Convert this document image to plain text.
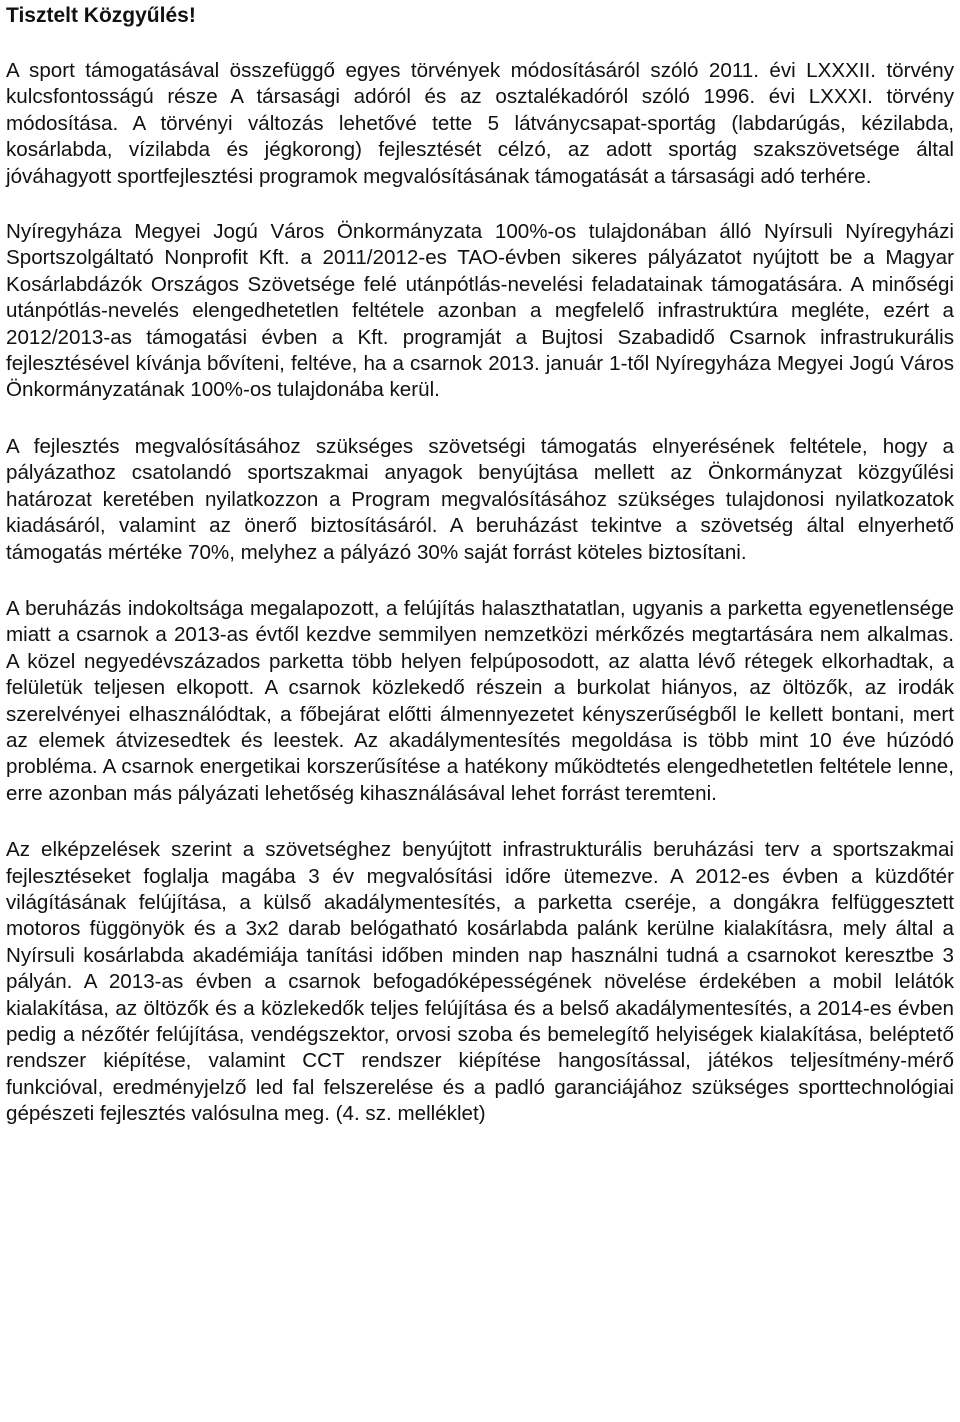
Tisztelt Közgyűlés!

A sport támogatásával összefüggő egyes törvények módosításáról szóló 2011. évi LXXXII. törvény kulcsfontosságú része A társasági adóról és az osztalékadóról szóló 1996. évi LXXXI. törvény módosítása. A törvényi változás lehetővé tette 5 látványcsapat-sportág (labdarúgás, kézilabda, kosárlabda, vízilabda és jégkorong) fejlesztését célzó, az adott sportág szakszövetsége által jóváhagyott sportfejlesztési programok megvalósításának támogatását a társasági adó terhére.

Nyíregyháza Megyei Jogú Város Önkormányzata 100%-os tulajdonában álló Nyírsuli Nyíregyházi Sportszolgáltató Nonprofit Kft. a 2011/2012-es TAO-évben sikeres pályázatot nyújtott be a Magyar Kosárlabdázók Országos Szövetsége felé utánpótlás-nevelési feladatainak támogatására. A minőségi utánpótlás-nevelés elengedhetetlen feltétele azonban a megfelelő infrastruktúra megléte, ezért a 2012/2013-as támogatási évben a Kft. programját a Bujtosi Szabadidő Csarnok infrastrukurális fejlesztésével kívánja bővíteni, feltéve, ha a csarnok 2013. január 1-től Nyíregyháza Megyei Jogú Város Önkormányzatának 100%-os tulajdonába kerül.

A fejlesztés megvalósításához szükséges szövetségi támogatás elnyerésének feltétele, hogy a pályázathoz csatolandó sportszakmai anyagok benyújtása mellett az Önkormányzat közgyűlési határozat keretében nyilatkozzon a Program megvalósításához szükséges tulajdonosi nyilatkozatok kiadásáról, valamint az önerő biztosításáról. A beruházást tekintve a szövetség által elnyerhető támogatás mértéke 70%, melyhez a pályázó 30% saját forrást köteles biztosítani.

A beruházás indokoltsága megalapozott, a felújítás halaszthatatlan, ugyanis a parketta egyenetlensége miatt a csarnok a 2013-as évtől kezdve semmilyen nemzetközi mérkőzés megtartására nem alkalmas. A közel negyedévszázados parketta több helyen felpúposodott, az alatta lévő rétegek elkorhadtak, a felületük teljesen elkopott. A csarnok közlekedő részein a burkolat hiányos, az öltözők, az irodák szerelvényei elhasználódtak, a főbejárat előtti álmennyezetet kényszerűségből le kellett bontani, mert az elemek átvizesedtek és leestek. Az akadálymentesítés megoldása is több mint 10 éve húzódó probléma. A csarnok energetikai korszerűsítése a hatékony működtetés elengedhetetlen feltétele lenne, erre azonban más pályázati lehetőség kihasználásával lehet forrást teremteni.

Az elképzelések szerint a szövetséghez benyújtott infrastrukturális beruházási terv a sportszakmai fejlesztéseket foglalja magába 3 év megvalósítási időre ütemezve. A 2012-es évben a küzdőtér világításának felújítása, a külső akadálymentesítés, a parketta cseréje, a dongákra felfüggesztett motoros függönyök és a 3x2 darab belógatható kosárlabda palánk kerülne kialakításra, mely által a Nyírsuli kosárlabda akadémiája tanítási időben minden nap használni tudná a csarnokot keresztbe 3 pályán. A 2013-as évben a csarnok befogadóképességének növelése érdekében a mobil lelátók kialakítása, az öltözők és a közlekedők teljes felújítása és a belső akadálymentesítés, a 2014-es évben pedig a nézőtér felújítása, vendégszektor, orvosi szoba és bemelegítő helyiségek kialakítása, beléptető rendszer kiépítése, valamint CCT rendszer kiépítése hangosítással, játékos teljesítmény-mérő funkcióval, eredményjelző led fal felszerelése és a padló garanciájához szükséges sporttechnológiai gépészeti fejlesztés valósulna meg. (4. sz. melléklet)
